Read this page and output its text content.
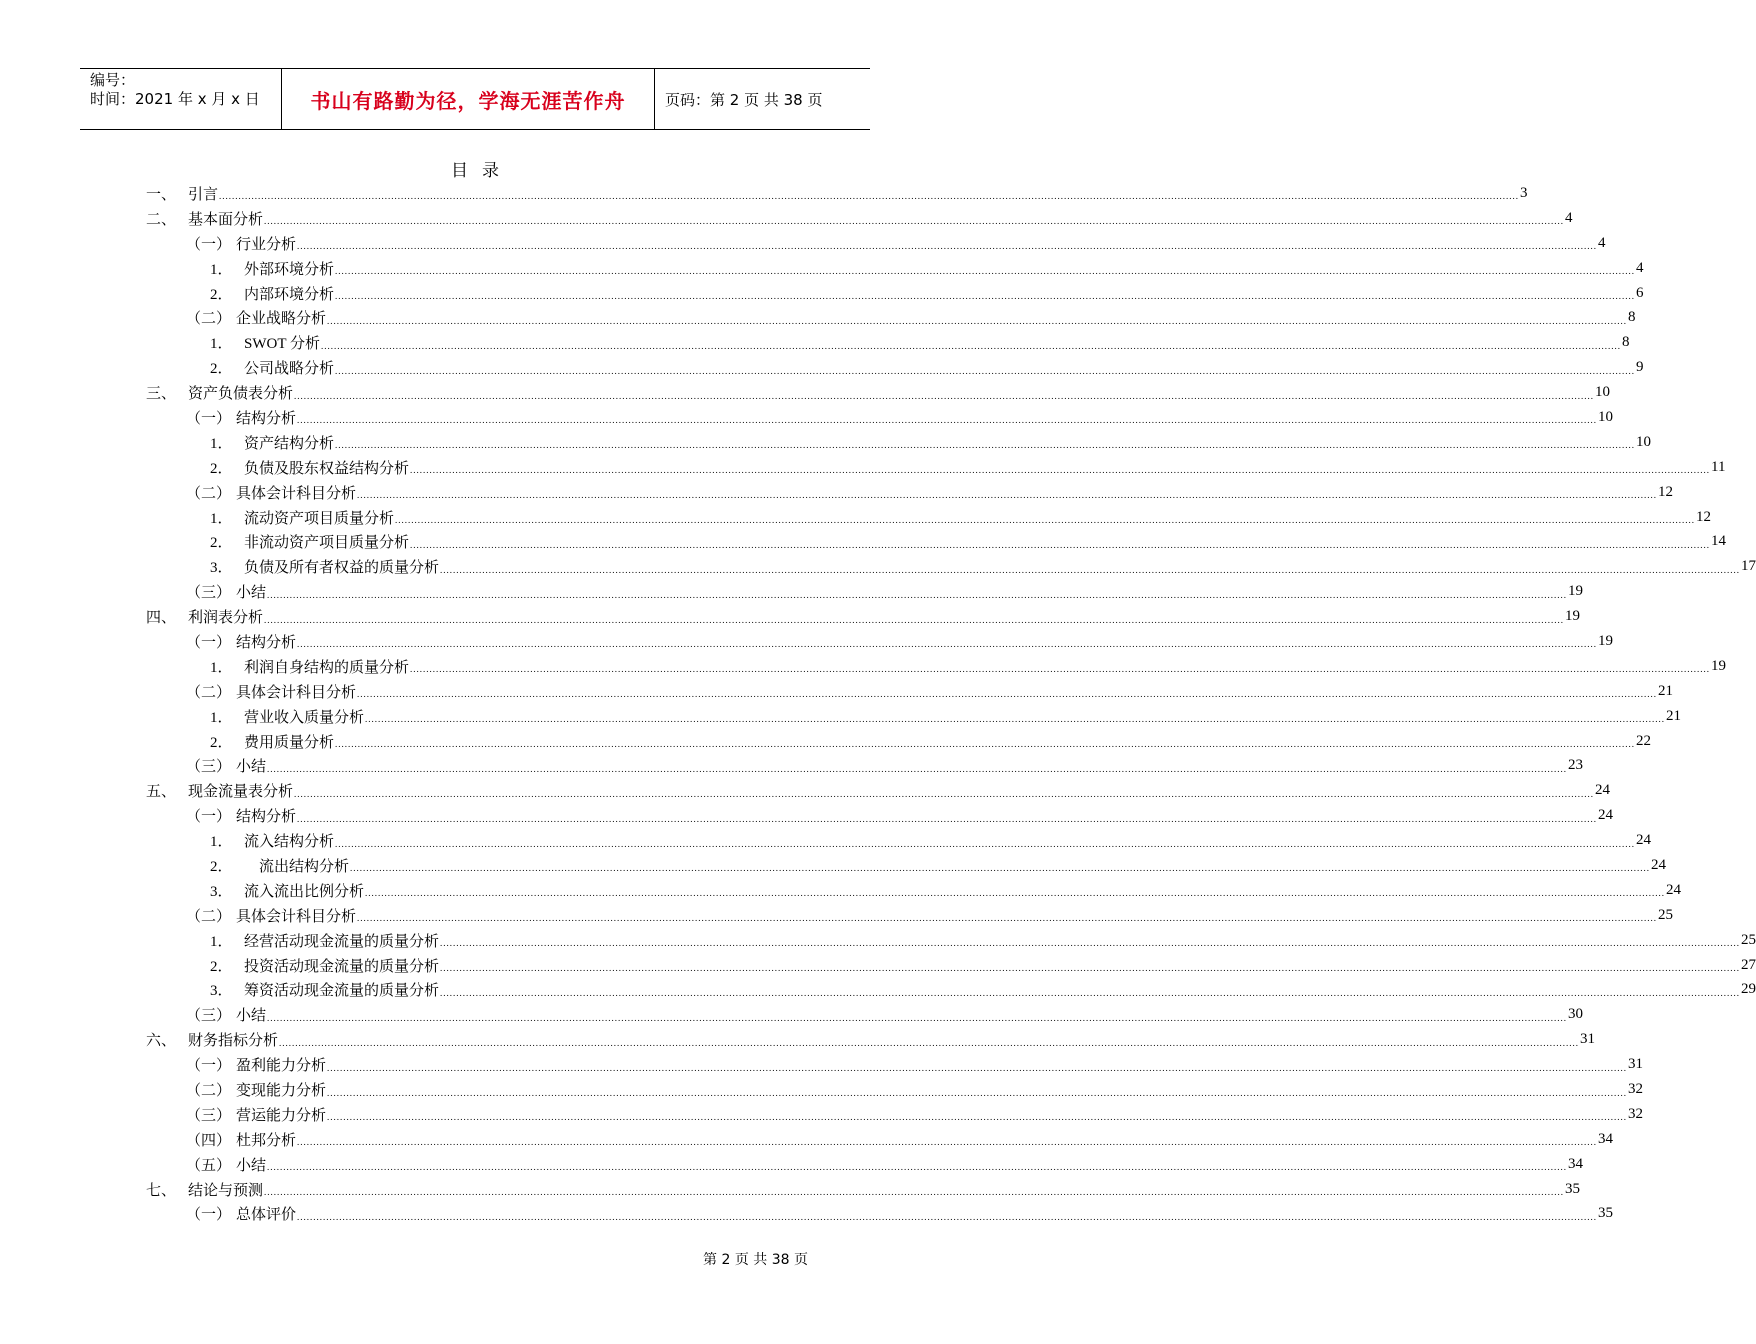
编号：
时间：2021 年 x 月 x 日	书山有路勤为径，学海无涯苦作舟	页码：第 2 页 共 38 页
目录
一、 引言 ................................................................................................................................................................................................................................................................................................................................................................................................................ 3
二、 基本面分析 ................................................................................................................................................................................................................................................................................................................................................................................................................ 4
（一） 行业分析 ................................................................................................................................................................................................................................................................................................................................................................................................................ 4
1． 外部环境分析 ................................................................................................................................................................................................................................................................................................................................................................................................................ 4
2． 内部环境分析 ................................................................................................................................................................................................................................................................................................................................................................................................................ 6
（二） 企业战略分析 ................................................................................................................................................................................................................................................................................................................................................................................................................ 8
1． SWOT 分析 ................................................................................................................................................................................................................................................................................................................................................................................................................ 8
2． 公司战略分析 ................................................................................................................................................................................................................................................................................................................................................................................................................ 9
三、 资产负债表分析 ................................................................................................................................................................................................................................................................................................................................................................................................................ 10
（一） 结构分析 ................................................................................................................................................................................................................................................................................................................................................................................................................ 10
1． 资产结构分析 ................................................................................................................................................................................................................................................................................................................................................................................................................ 10
2． 负债及股东权益结构分析 ................................................................................................................................................................................................................................................................................................................................................................................................................ 11
（二） 具体会计科目分析 ................................................................................................................................................................................................................................................................................................................................................................................................................ 12
1． 流动资产项目质量分析 ................................................................................................................................................................................................................................................................................................................................................................................................................ 12
2． 非流动资产项目质量分析 ................................................................................................................................................................................................................................................................................................................................................................................................................ 14
3． 负债及所有者权益的质量分析 ................................................................................................................................................................................................................................................................................................................................................................................................................ 17
（三） 小结 ................................................................................................................................................................................................................................................................................................................................................................................................................ 19
四、 利润表分析 ................................................................................................................................................................................................................................................................................................................................................................................................................ 19
（一） 结构分析 ................................................................................................................................................................................................................................................................................................................................................................................................................ 19
1． 利润自身结构的质量分析 ................................................................................................................................................................................................................................................................................................................................................................................................................ 19
（二） 具体会计科目分析 ................................................................................................................................................................................................................................................................................................................................................................................................................ 21
1． 营业收入质量分析 ................................................................................................................................................................................................................................................................................................................................................................................................................ 21
2． 费用质量分析 ................................................................................................................................................................................................................................................................................................................................................................................................................ 22
（三） 小结 ................................................................................................................................................................................................................................................................................................................................................................................................................ 23
五、 现金流量表分析 ................................................................................................................................................................................................................................................................................................................................................................................................................ 24
（一） 结构分析 ................................................................................................................................................................................................................................................................................................................................................................................................................ 24
1． 流入结构分析 ................................................................................................................................................................................................................................................................................................................................................................................................................ 24
2． 流出结构分析 ................................................................................................................................................................................................................................................................................................................................................................................................................ 24
3． 流入流出比例分析 ................................................................................................................................................................................................................................................................................................................................................................................................................ 24
（二） 具体会计科目分析 ................................................................................................................................................................................................................................................................................................................................................................................................................ 25
1． 经营活动现金流量的质量分析 ................................................................................................................................................................................................................................................................................................................................................................................................................ 25
2． 投资活动现金流量的质量分析 ................................................................................................................................................................................................................................................................................................................................................................................................................ 27
3． 筹资活动现金流量的质量分析 ................................................................................................................................................................................................................................................................................................................................................................................................................ 29
（三） 小结 ................................................................................................................................................................................................................................................................................................................................................................................................................ 30
六、 财务指标分析 ................................................................................................................................................................................................................................................................................................................................................................................................................ 31
（一） 盈利能力分析 ................................................................................................................................................................................................................................................................................................................................................................................................................ 31
（二） 变现能力分析 ................................................................................................................................................................................................................................................................................................................................................................................................................ 32
（三） 营运能力分析 ................................................................................................................................................................................................................................................................................................................................................................................................................ 32
（四） 杜邦分析 ................................................................................................................................................................................................................................................................................................................................................................................................................ 34
（五） 小结 ................................................................................................................................................................................................................................................................................................................................................................................................................ 34
七、 结论与预测 ................................................................................................................................................................................................................................................................................................................................................................................................................ 35
（一） 总体评价 ................................................................................................................................................................................................................................................................................................................................................................................................................ 35
第 2 页 共 38 页
